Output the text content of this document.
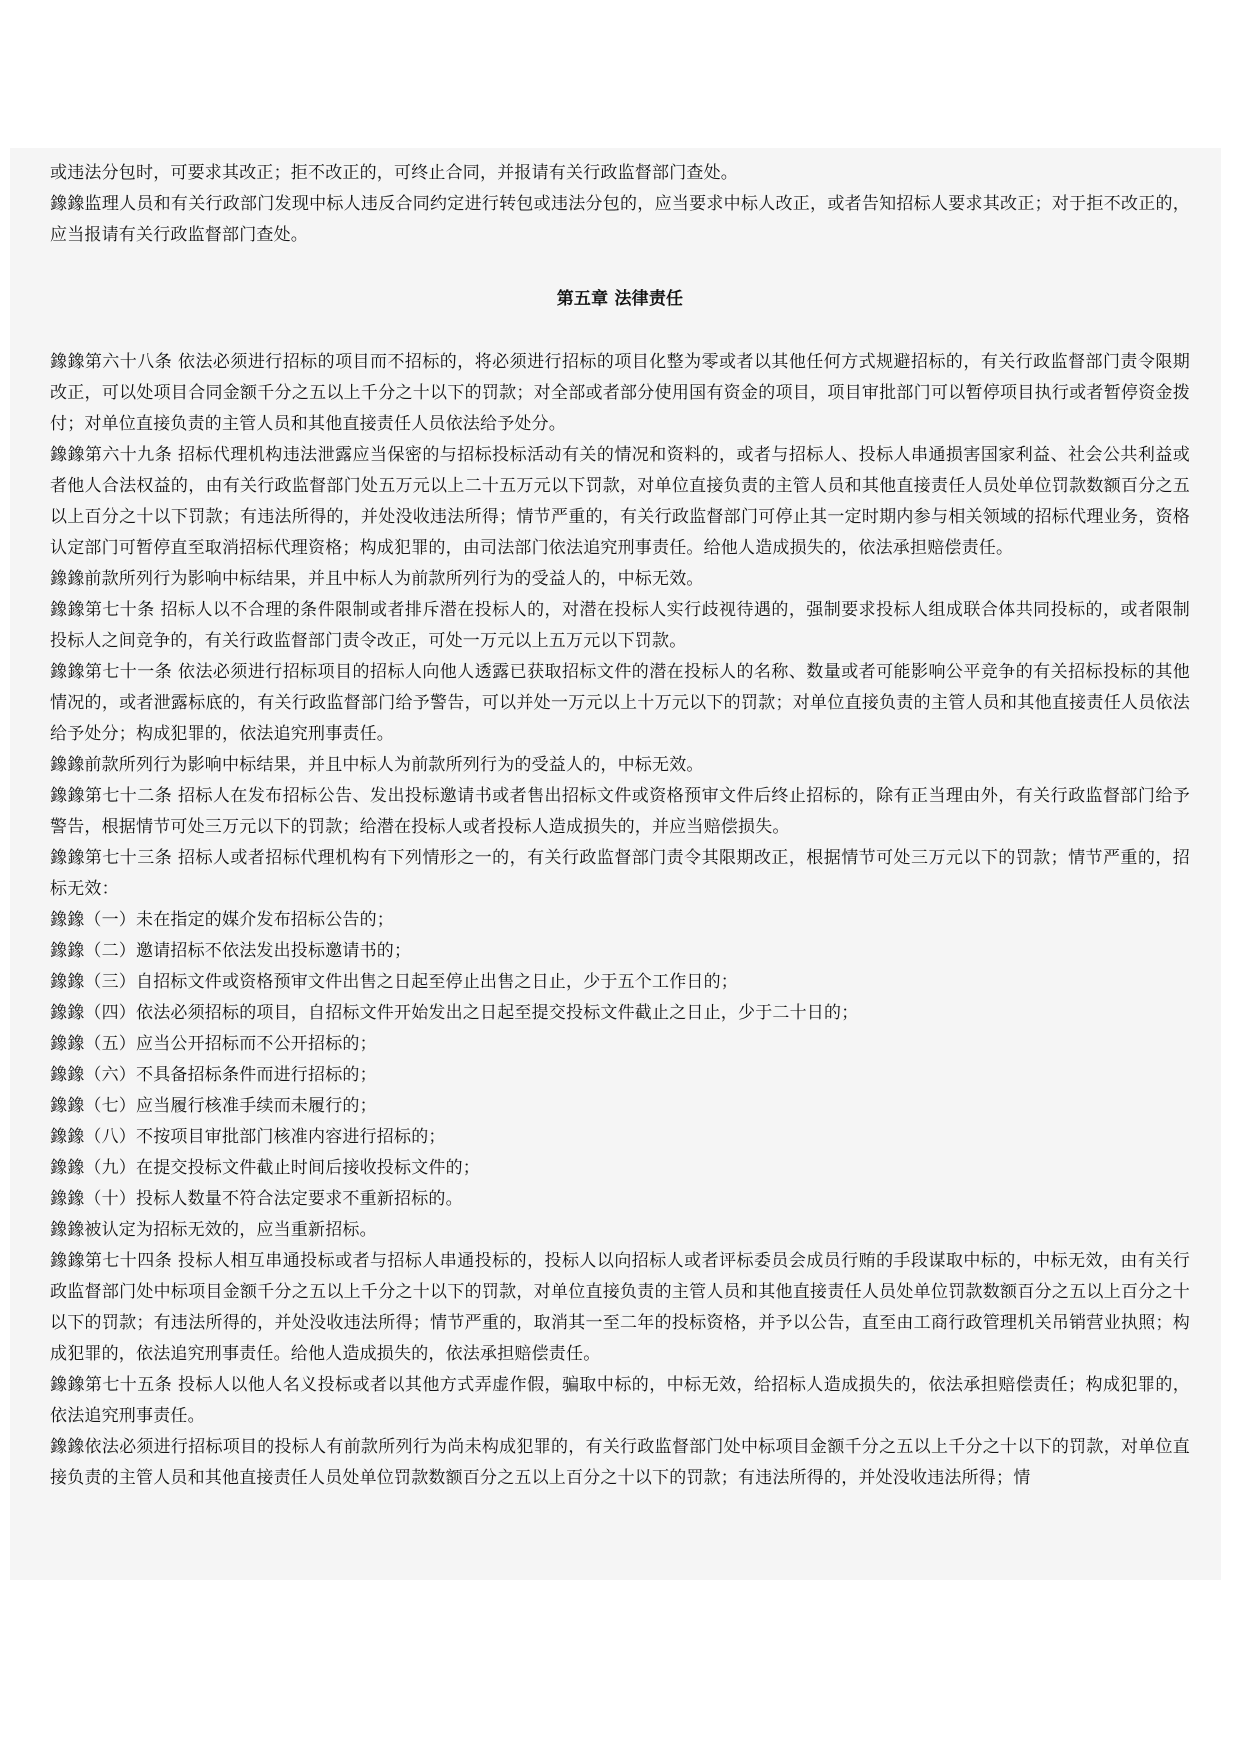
或违法分包时，可要求其改正；拒不改正的，可终止合同，并报请有关行政监督部门查处。

鐌鐌监理人员和有关行政部门发现中标人违反合同约定进行转包或违法分包的，应当要求中标人改正，或者告知招标人要求其改正；对于拒不改正的，应当报请有关行政监督部门查处。

第五章 法律责任

鐌鐌第六十八条 依法必须进行招标的项目而不招标的，将必须进行招标的项目化整为零或者以其他任何方式规避招标的，有关行政监督部门责令限期改正，可以处项目合同金额千分之五以上千分之十以下的罚款；对全部或者部分使用国有资金的项目，项目审批部门可以暂停项目执行或者暂停资金拨付；对单位直接负责的主管人员和其他直接责任人员依法给予处分。

鐌鐌第六十九条 招标代理机构违法泄露应当保密的与招标投标活动有关的情况和资料的，或者与招标人、投标人串通损害国家利益、社会公共利益或者他人合法权益的，由有关行政监督部门处五万元以上二十五万元以下罚款，对单位直接负责的主管人员和其他直接责任人员处单位罚款数额百分之五以上百分之十以下罚款；有违法所得的，并处没收违法所得；情节严重的，有关行政监督部门可停止其一定时期内参与相关领域的招标代理业务，资格认定部门可暂停直至取消招标代理资格；构成犯罪的，由司法部门依法追究刑事责任。给他人造成损失的，依法承担赔偿责任。

鐌鐌前款所列行为影响中标结果，并且中标人为前款所列行为的受益人的，中标无效。

鐌鐌第七十条 招标人以不合理的条件限制或者排斥潜在投标人的，对潜在投标人实行歧视待遇的，强制要求投标人组成联合体共同投标的，或者限制投标人之间竞争的，有关行政监督部门责令改正，可处一万元以上五万元以下罚款。

鐌鐌第七十一条 依法必须进行招标项目的招标人向他人透露已获取招标文件的潜在投标人的名称、数量或者可能影响公平竞争的有关招标投标的其他情况的，或者泄露标底的，有关行政监督部门给予警告，可以并处一万元以上十万元以下的罚款；对单位直接负责的主管人员和其他直接责任人员依法给予处分；构成犯罪的，依法追究刑事责任。

鐌鐌前款所列行为影响中标结果，并且中标人为前款所列行为的受益人的，中标无效。

鐌鐌第七十二条 招标人在发布招标公告、发出投标邀请书或者售出招标文件或资格预审文件后终止招标的，除有正当理由外，有关行政监督部门给予警告，根据情节可处三万元以下的罚款；给潜在投标人或者投标人造成损失的，并应当赔偿损失。

鐌鐌第七十三条 招标人或者招标代理机构有下列情形之一的，有关行政监督部门责令其限期改正，根据情节可处三万元以下的罚款；情节严重的，招标无效：

鐌鐌（一）未在指定的媒介发布招标公告的；

鐌鐌（二）邀请招标不依法发出投标邀请书的；

鐌鐌（三）自招标文件或资格预审文件出售之日起至停止出售之日止，少于五个工作日的；

鐌鐌（四）依法必须招标的项目，自招标文件开始发出之日起至提交投标文件截止之日止，少于二十日的；

鐌鐌（五）应当公开招标而不公开招标的；

鐌鐌（六）不具备招标条件而进行招标的；

鐌鐌（七）应当履行核准手续而未履行的；

鐌鐌（八）不按项目审批部门核准内容进行招标的；

鐌鐌（九）在提交投标文件截止时间后接收投标文件的；

鐌鐌（十）投标人数量不符合法定要求不重新招标的。

鐌鐌被认定为招标无效的，应当重新招标。

鐌鐌第七十四条 投标人相互串通投标或者与招标人串通投标的，投标人以向招标人或者评标委员会成员行贿的手段谋取中标的，中标无效，由有关行政监督部门处中标项目金额千分之五以上千分之十以下的罚款，对单位直接负责的主管人员和其他直接责任人员处单位罚款数额百分之五以上百分之十以下的罚款；有违法所得的，并处没收违法所得；情节严重的，取消其一至二年的投标资格，并予以公告，直至由工商行政管理机关吊销营业执照；构成犯罪的，依法追究刑事责任。给他人造成损失的，依法承担赔偿责任。

鐌鐌第七十五条 投标人以他人名义投标或者以其他方式弄虚作假，骗取中标的，中标无效，给招标人造成损失的，依法承担赔偿责任；构成犯罪的，依法追究刑事责任。

鐌鐌依法必须进行招标项目的投标人有前款所列行为尚未构成犯罪的，有关行政监督部门处中标项目金额千分之五以上千分之十以下的罚款，对单位直接负责的主管人员和其他直接责任人员处单位罚款数额百分之五以上百分之十以下的罚款；有违法所得的，并处没收违法所得；情
